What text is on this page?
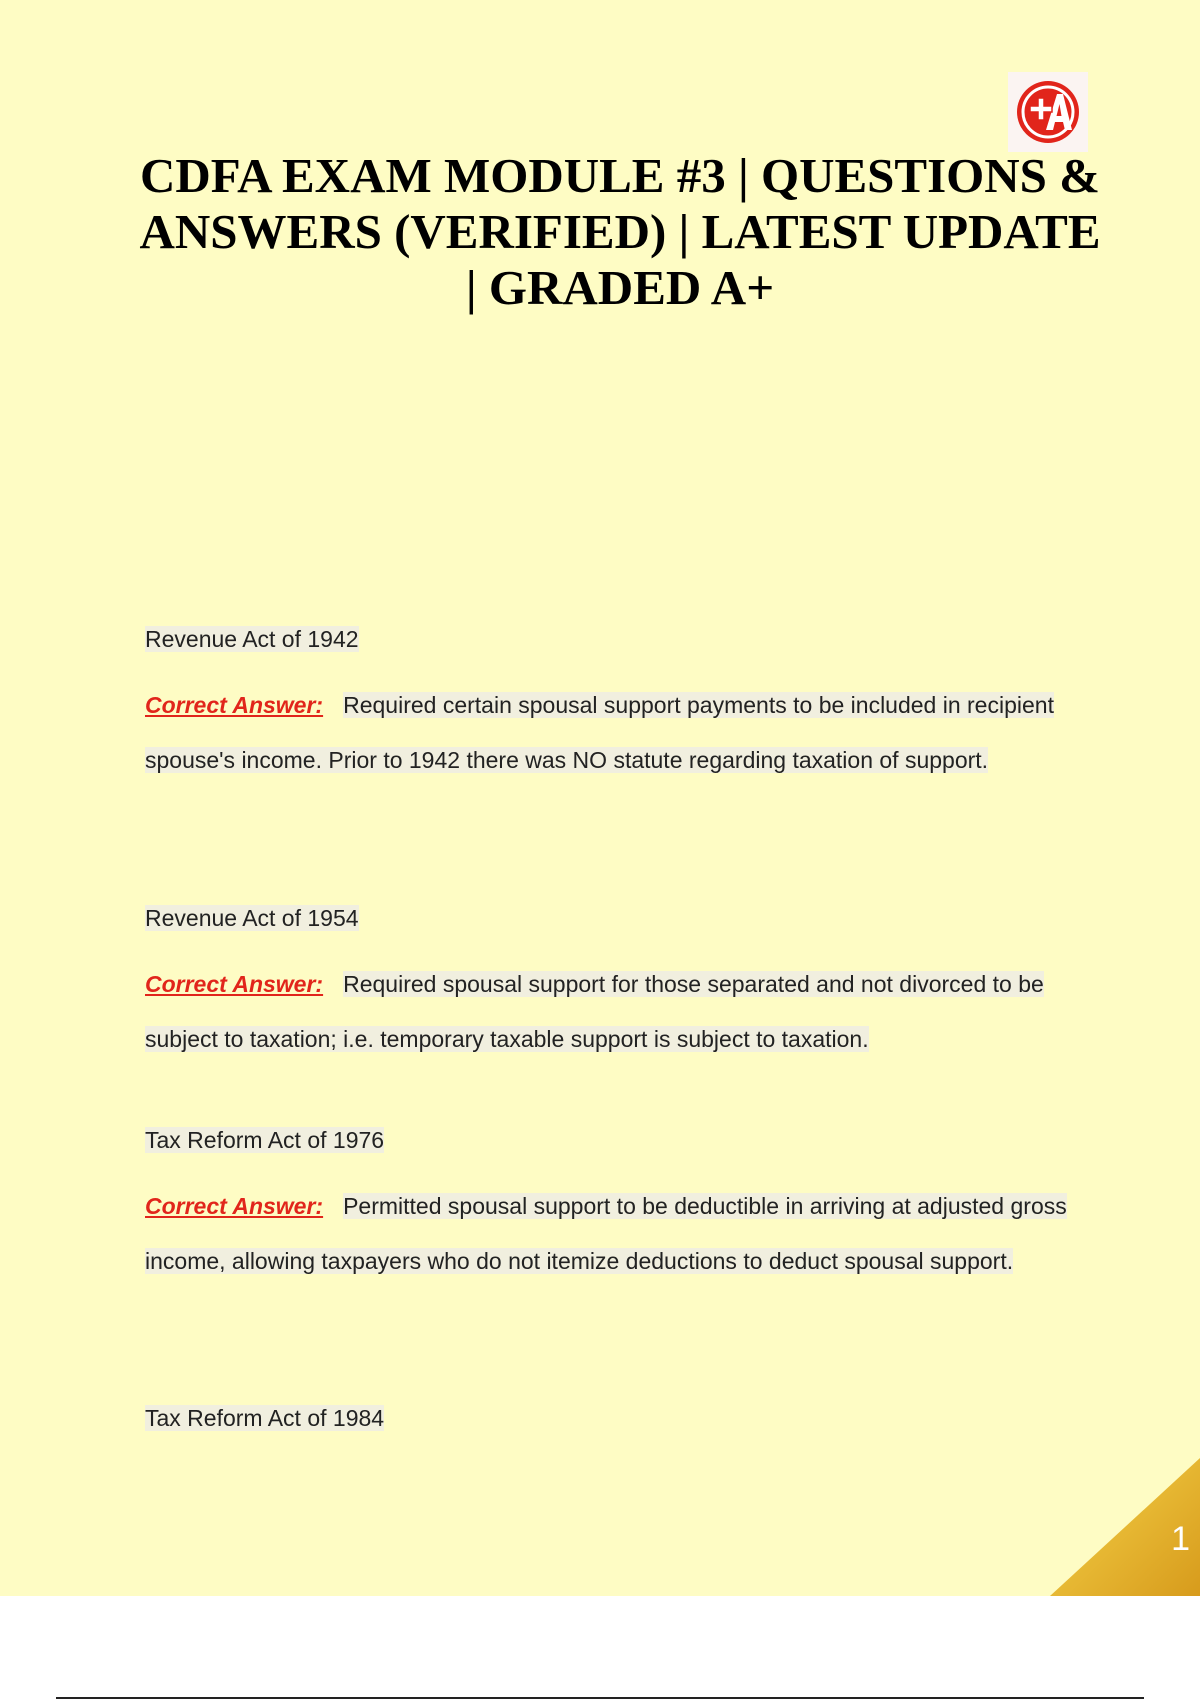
CDFA EXAM MODULE #3 | QUESTIONS & ANSWERS (VERIFIED) | LATEST UPDATE | GRADED A+
Revenue Act of 1942
Correct Answer: Required certain spousal support payments to be included in recipient spouse's income. Prior to 1942 there was NO statute regarding taxation of support.
Revenue Act of 1954
Correct Answer: Required spousal support for those separated and not divorced to be subject to taxation; i.e. temporary taxable support is subject to taxation.
Tax Reform Act of 1976
Correct Answer: Permitted spousal support to be deductible in arriving at adjusted gross income, allowing taxpayers who do not itemize deductions to deduct spousal support.
Tax Reform Act of 1984
1
